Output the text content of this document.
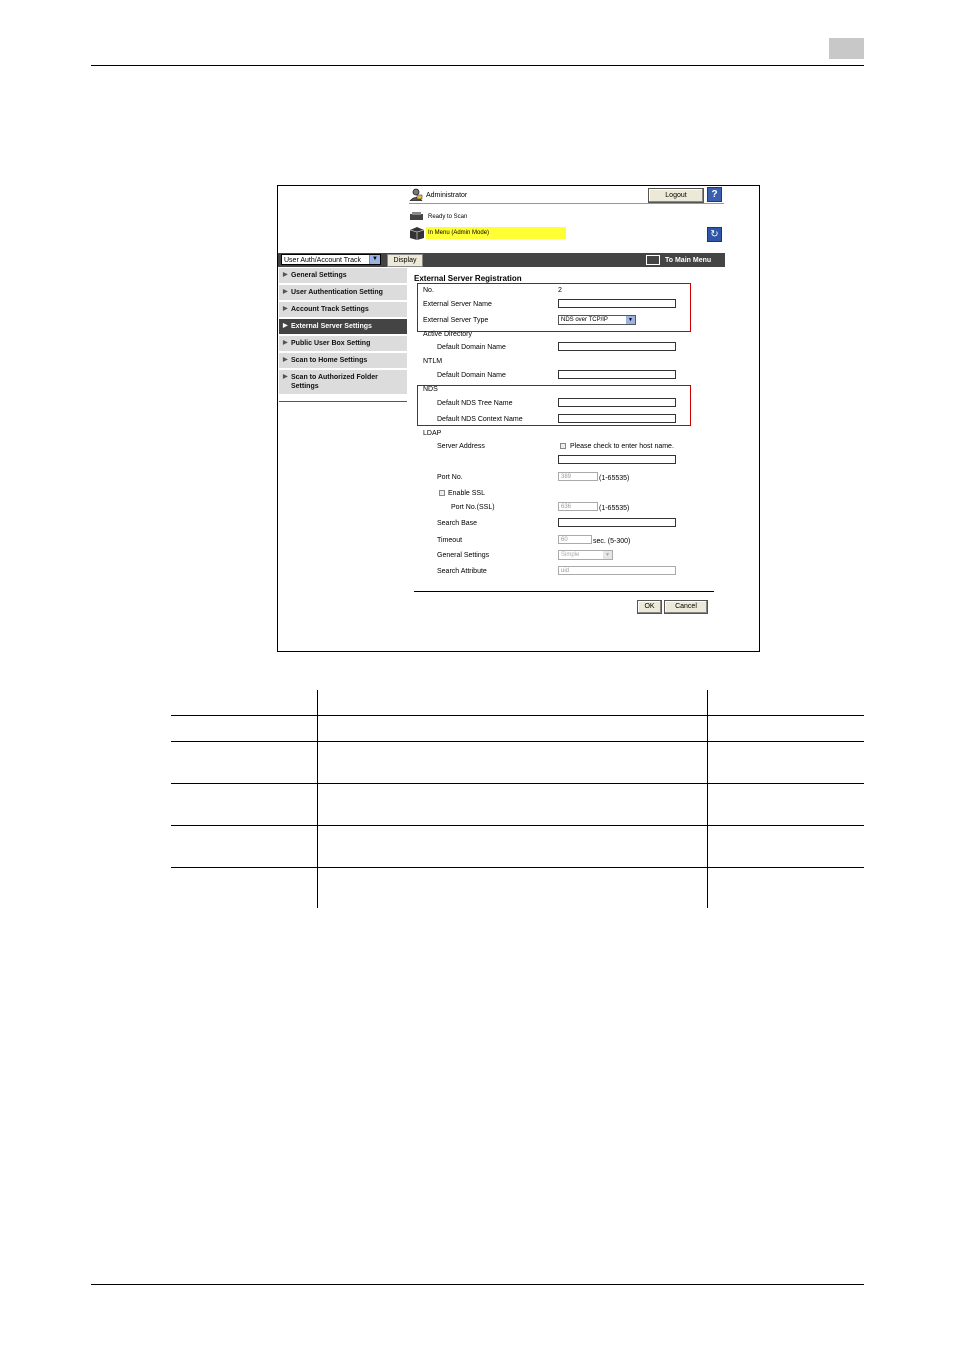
Administrator	Logout	?
Ready to Scan
In Menu (Admin Mode)	↻
User Auth/Account Track	▼	Display	To Main Menu
▶ General Settings
▶ User Authentication Setting
▶ Account Track Settings
▶ External Server Settings
▶ Public User Box Setting
▶ Scan to Home Settings
▶ Scan to Authorized Folder Settings
External Server Registration
No.	2
External Server Name
External Server Type	NDS over TCP/IP	▼
Active Directory
Default Domain Name
NTLM
Default Domain Name
NDS
Default NDS Tree Name
Default NDS Context Name
LDAP
Server Address	Please check to enter host name.
Port No.	389	(1-65535)
Enable SSL
Port No.(SSL)	636	(1-65535)
Search Base
Timeout	60	sec. (5-300)
General Settings	Simple	▼
Search Attribute	uid
OK	Cancel
